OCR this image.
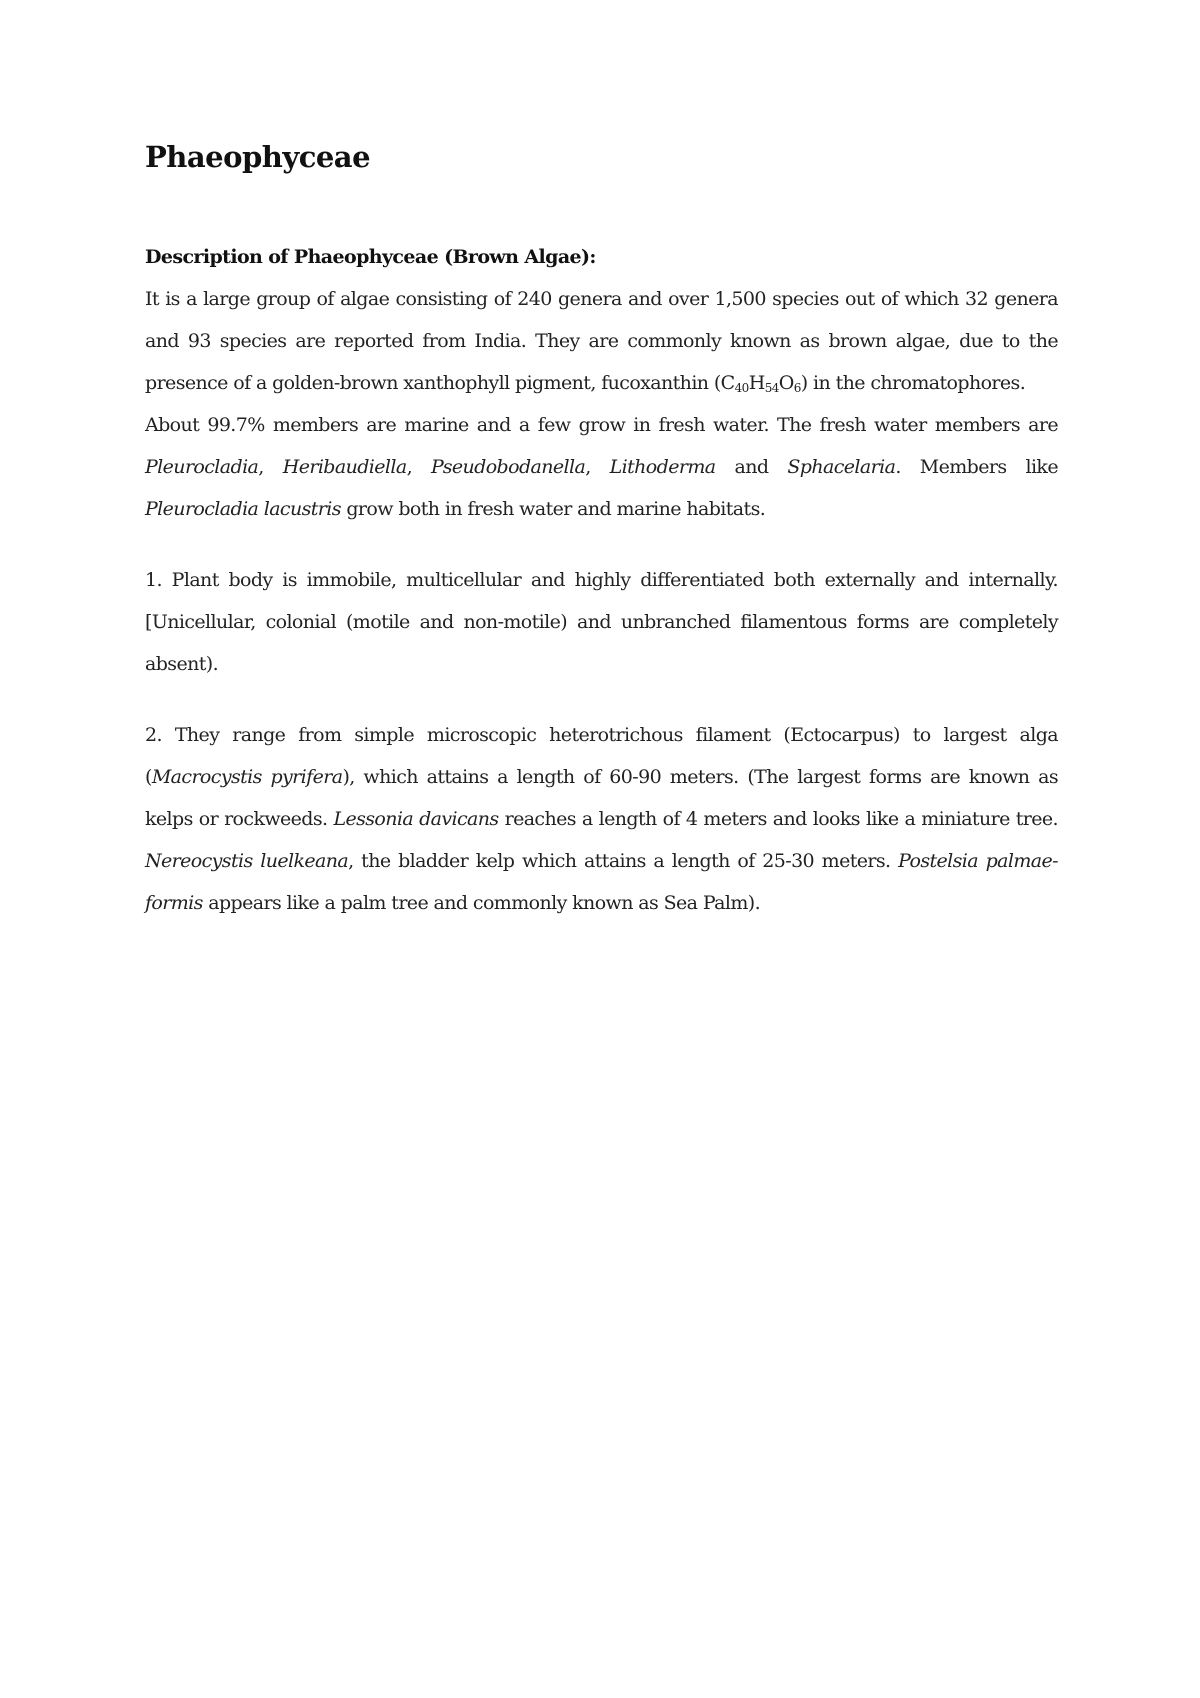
Phaeophyceae
Description of Phaeophyceae (Brown Algae):

It is a large group of algae consisting of 240 genera and over 1,500 species out of which 32 genera and 93 species are reported from India. They are commonly known as brown algae, due to the presence of a golden-brown xanthophyll pigment, fucoxanthin $(C_{40}H_{54}O_6)$ in the chromatophores.

About 99.7% members are marine and a few grow in fresh water. The fresh water members are Pleurocladia, Heribaudiella, Pseudobodanella, Lithoderma and Sphacelaria. Members like Pleurocladia lacustris grow both in fresh water and marine habitats.

1. Plant body is immobile, multicellular and highly differentiated both externally and internally. [Unicellular, colonial (motile and non-motile) and unbranched filamentous forms are completely absent).

2. They range from simple microscopic heterotrichous filament (Ectocarpus) to largest alga (Macrocystis pyrifera), which attains a length of 60-90 meters. (The largest forms are known as kelps or rockweeds. Lessonia davicans reaches a length of 4 meters and looks like a miniature tree. Nereocystis luelkeana, the bladder kelp which attains a length of 25-30 meters. Postelsia palmae- formis appears like a palm tree and commonly known as Sea Palm).
